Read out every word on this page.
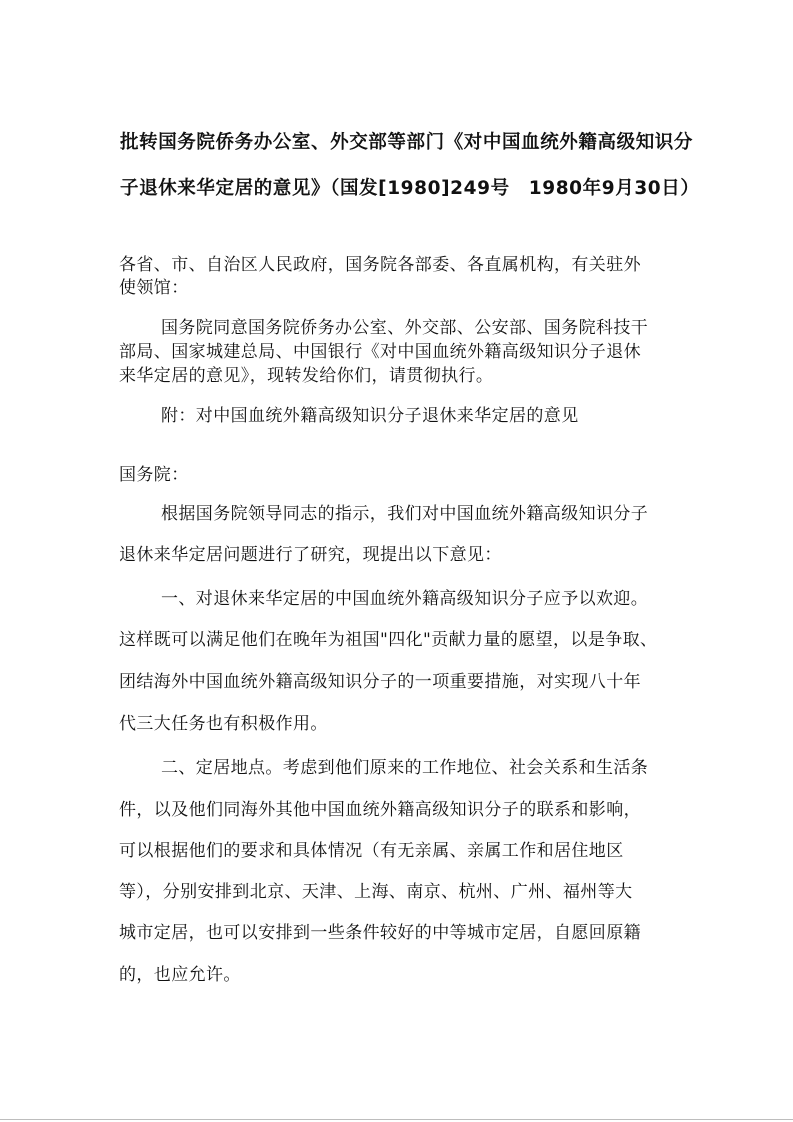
批转国务院侨务办公室、外交部等部门《对中国血统外籍高级知识分
子退休来华定居的意见》（国发[1980]249号　1980年9月30日）
各省、市、自治区人民政府，国务院各部委、各直属机构，有关驻外
使领馆：
国务院同意国务院侨务办公室、外交部、公安部、国务院科技干
部局、国家城建总局、中国银行《对中国血统外籍高级知识分子退休
来华定居的意见》，现转发给你们，请贯彻执行。
附：对中国血统外籍高级知识分子退休来华定居的意见
国务院：
根据国务院领导同志的指示，我们对中国血统外籍高级知识分子
退休来华定居问题进行了研究，现提出以下意见：
一、对退休来华定居的中国血统外籍高级知识分子应予以欢迎。
这样既可以满足他们在晚年为祖国"四化"贡献力量的愿望，以是争取、
团结海外中国血统外籍高级知识分子的一项重要措施，对实现八十年
代三大任务也有积极作用。
二、定居地点。考虑到他们原来的工作地位、社会关系和生活条
件，以及他们同海外其他中国血统外籍高级知识分子的联系和影响，
可以根据他们的要求和具体情况（有无亲属、亲属工作和居住地区
等），分别安排到北京、天津、上海、南京、杭州、广州、福州等大
城市定居，也可以安排到一些条件较好的中等城市定居，自愿回原籍
的，也应允许。
